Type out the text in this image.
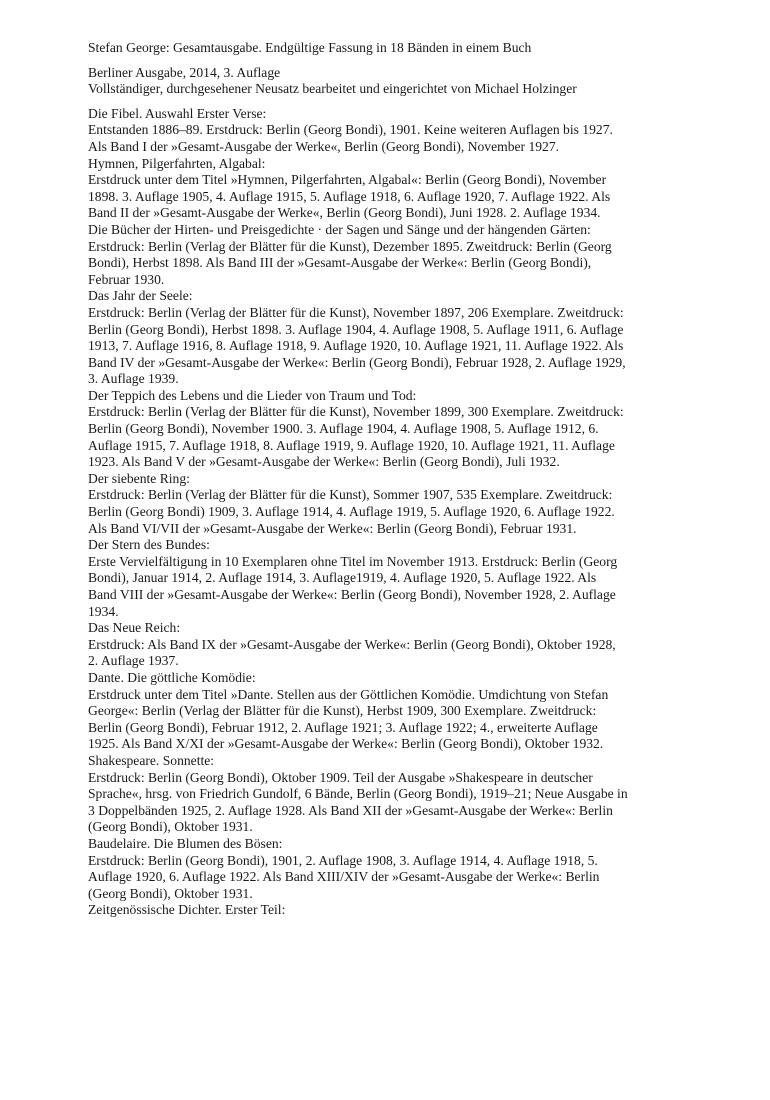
Stefan George: Gesamtausgabe. Endgültige Fassung in 18 Bänden in einem Buch

Berliner Ausgabe, 2014, 3. Auflage

Vollständiger, durchgesehener Neusatz bearbeitet und eingerichtet von Michael Holzinger

Die Fibel. Auswahl Erster Verse:

Entstanden 1886–89. Erstdruck: Berlin (Georg Bondi), 1901. Keine weiteren Auflagen bis 1927. Als Band I der »Gesamt-Ausgabe der Werke«, Berlin (Georg Bondi), November 1927.

Hymnen, Pilgerfahrten, Algabal:

Erstdruck unter dem Titel »Hymnen, Pilgerfahrten, Algabal«: Berlin (Georg Bondi), November 1898. 3. Auflage 1905, 4. Auflage 1915, 5. Auflage 1918, 6. Auflage 1920, 7. Auflage 1922. Als Band II der »Gesamt-Ausgabe der Werke«, Berlin (Georg Bondi), Juni 1928. 2. Auflage 1934.

Die Bücher der Hirten- und Preisgedichte · der Sagen und Sänge und der hängenden Gärten:

Erstdruck: Berlin (Verlag der Blätter für die Kunst), Dezember 1895. Zweitdruck: Berlin (Georg Bondi), Herbst 1898. Als Band III der »Gesamt-Ausgabe der Werke«: Berlin (Georg Bondi), Februar 1930.

Das Jahr der Seele:

Erstdruck: Berlin (Verlag der Blätter für die Kunst), November 1897, 206 Exemplare. Zweitdruck: Berlin (Georg Bondi), Herbst 1898. 3. Auflage 1904, 4. Auflage 1908, 5. Auflage 1911, 6. Auflage 1913, 7. Auflage 1916, 8. Auflage 1918, 9. Auflage 1920, 10. Auflage 1921, 11. Auflage 1922. Als Band IV der »Gesamt-Ausgabe der Werke«: Berlin (Georg Bondi), Februar 1928, 2. Auflage 1929, 3. Auflage 1939.

Der Teppich des Lebens und die Lieder von Traum und Tod:

Erstdruck: Berlin (Verlag der Blätter für die Kunst), November 1899, 300 Exemplare. Zweitdruck: Berlin (Georg Bondi), November 1900. 3. Auflage 1904, 4. Auflage 1908, 5. Auflage 1912, 6. Auflage 1915, 7. Auflage 1918, 8. Auflage 1919, 9. Auflage 1920, 10. Auflage 1921, 11. Auflage 1923. Als Band V der »Gesamt-Ausgabe der Werke«: Berlin (Georg Bondi), Juli 1932.

Der siebente Ring:

Erstdruck: Berlin (Verlag der Blätter für die Kunst), Sommer 1907, 535 Exemplare. Zweitdruck: Berlin (Georg Bondi) 1909, 3. Auflage 1914, 4. Auflage 1919, 5. Auflage 1920, 6. Auflage 1922. Als Band VI/VII der »Gesamt-Ausgabe der Werke«: Berlin (Georg Bondi), Februar 1931.

Der Stern des Bundes:

Erste Vervielfältigung in 10 Exemplaren ohne Titel im November 1913. Erstdruck: Berlin (Georg Bondi), Januar 1914, 2. Auflage 1914, 3. Auflage1919, 4. Auflage 1920, 5. Auflage 1922. Als Band VIII der »Gesamt-Ausgabe der Werke«: Berlin (Georg Bondi), November 1928, 2. Auflage 1934.

Das Neue Reich:

Erstdruck: Als Band IX der »Gesamt-Ausgabe der Werke«: Berlin (Georg Bondi), Oktober 1928, 2. Auflage 1937.

Dante. Die göttliche Komödie:

Erstdruck unter dem Titel »Dante. Stellen aus der Göttlichen Komödie. Umdichtung von Stefan George«: Berlin (Verlag der Blätter für die Kunst), Herbst 1909, 300 Exemplare. Zweitdruck: Berlin (Georg Bondi), Februar 1912, 2. Auflage 1921; 3. Auflage 1922; 4., erweiterte Auflage 1925. Als Band X/XI der »Gesamt-Ausgabe der Werke«: Berlin (Georg Bondi), Oktober 1932.

Shakespeare. Sonnette:

Erstdruck: Berlin (Georg Bondi), Oktober 1909. Teil der Ausgabe »Shakespeare in deutscher Sprache«, hrsg. von Friedrich Gundolf, 6 Bände, Berlin (Georg Bondi), 1919–21; Neue Ausgabe in 3 Doppelbänden 1925, 2. Auflage 1928. Als Band XII der »Gesamt-Ausgabe der Werke«: Berlin (Georg Bondi), Oktober 1931.

Baudelaire. Die Blumen des Bösen:

Erstdruck: Berlin (Georg Bondi), 1901, 2. Auflage 1908, 3. Auflage 1914, 4. Auflage 1918, 5. Auflage 1920, 6. Auflage 1922. Als Band XIII/XIV der »Gesamt-Ausgabe der Werke«: Berlin (Georg Bondi), Oktober 1931.

Zeitgenössische Dichter. Erster Teil:
